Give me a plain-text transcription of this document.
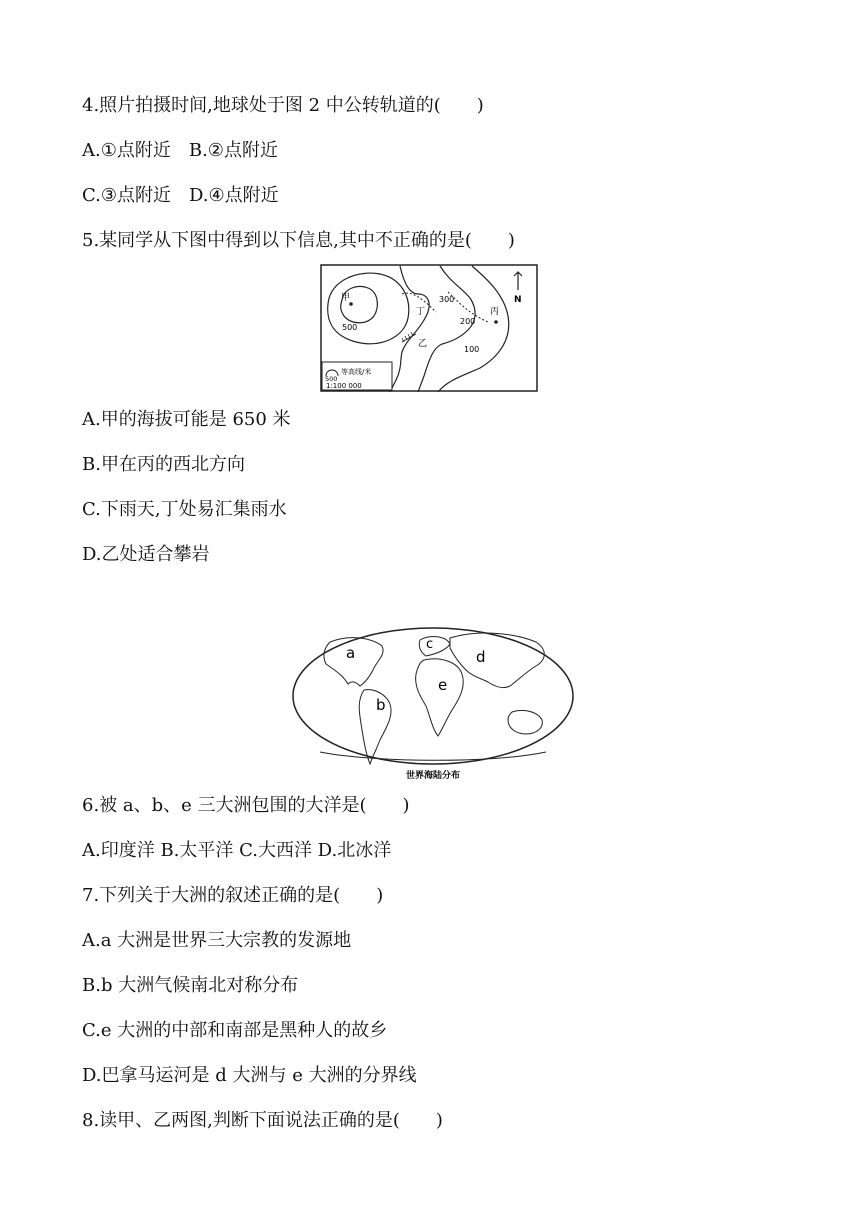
4.照片拍摄时间,地球处于图 2 中公转轨道的(　　)
A.①点附近　B.②点附近
C.③点附近　D.④点附近
5.某同学从下图中得到以下信息,其中不正确的是(　　)
甲
500
300
200
100
丁
乙
丙
N
500
等高线/米
1:100 000
A.甲的海拔可能是 650 米
B.甲在丙的西北方向
C.下雨天,丁处易汇集雨水
D.乙处适合攀岩
a
b
c
d
e
世界海陆分布
6.被 a、b、e 三大洲包围的大洋是(　　)
A.印度洋 B.太平洋 C.大西洋 D.北冰洋
7.下列关于大洲的叙述正确的是(　　)
A.a 大洲是世界三大宗教的发源地
B.b 大洲气候南北对称分布
C.e 大洲的中部和南部是黑种人的故乡
D.巴拿马运河是 d 大洲与 e 大洲的分界线
8.读甲、乙两图,判断下面说法正确的是(　　)
